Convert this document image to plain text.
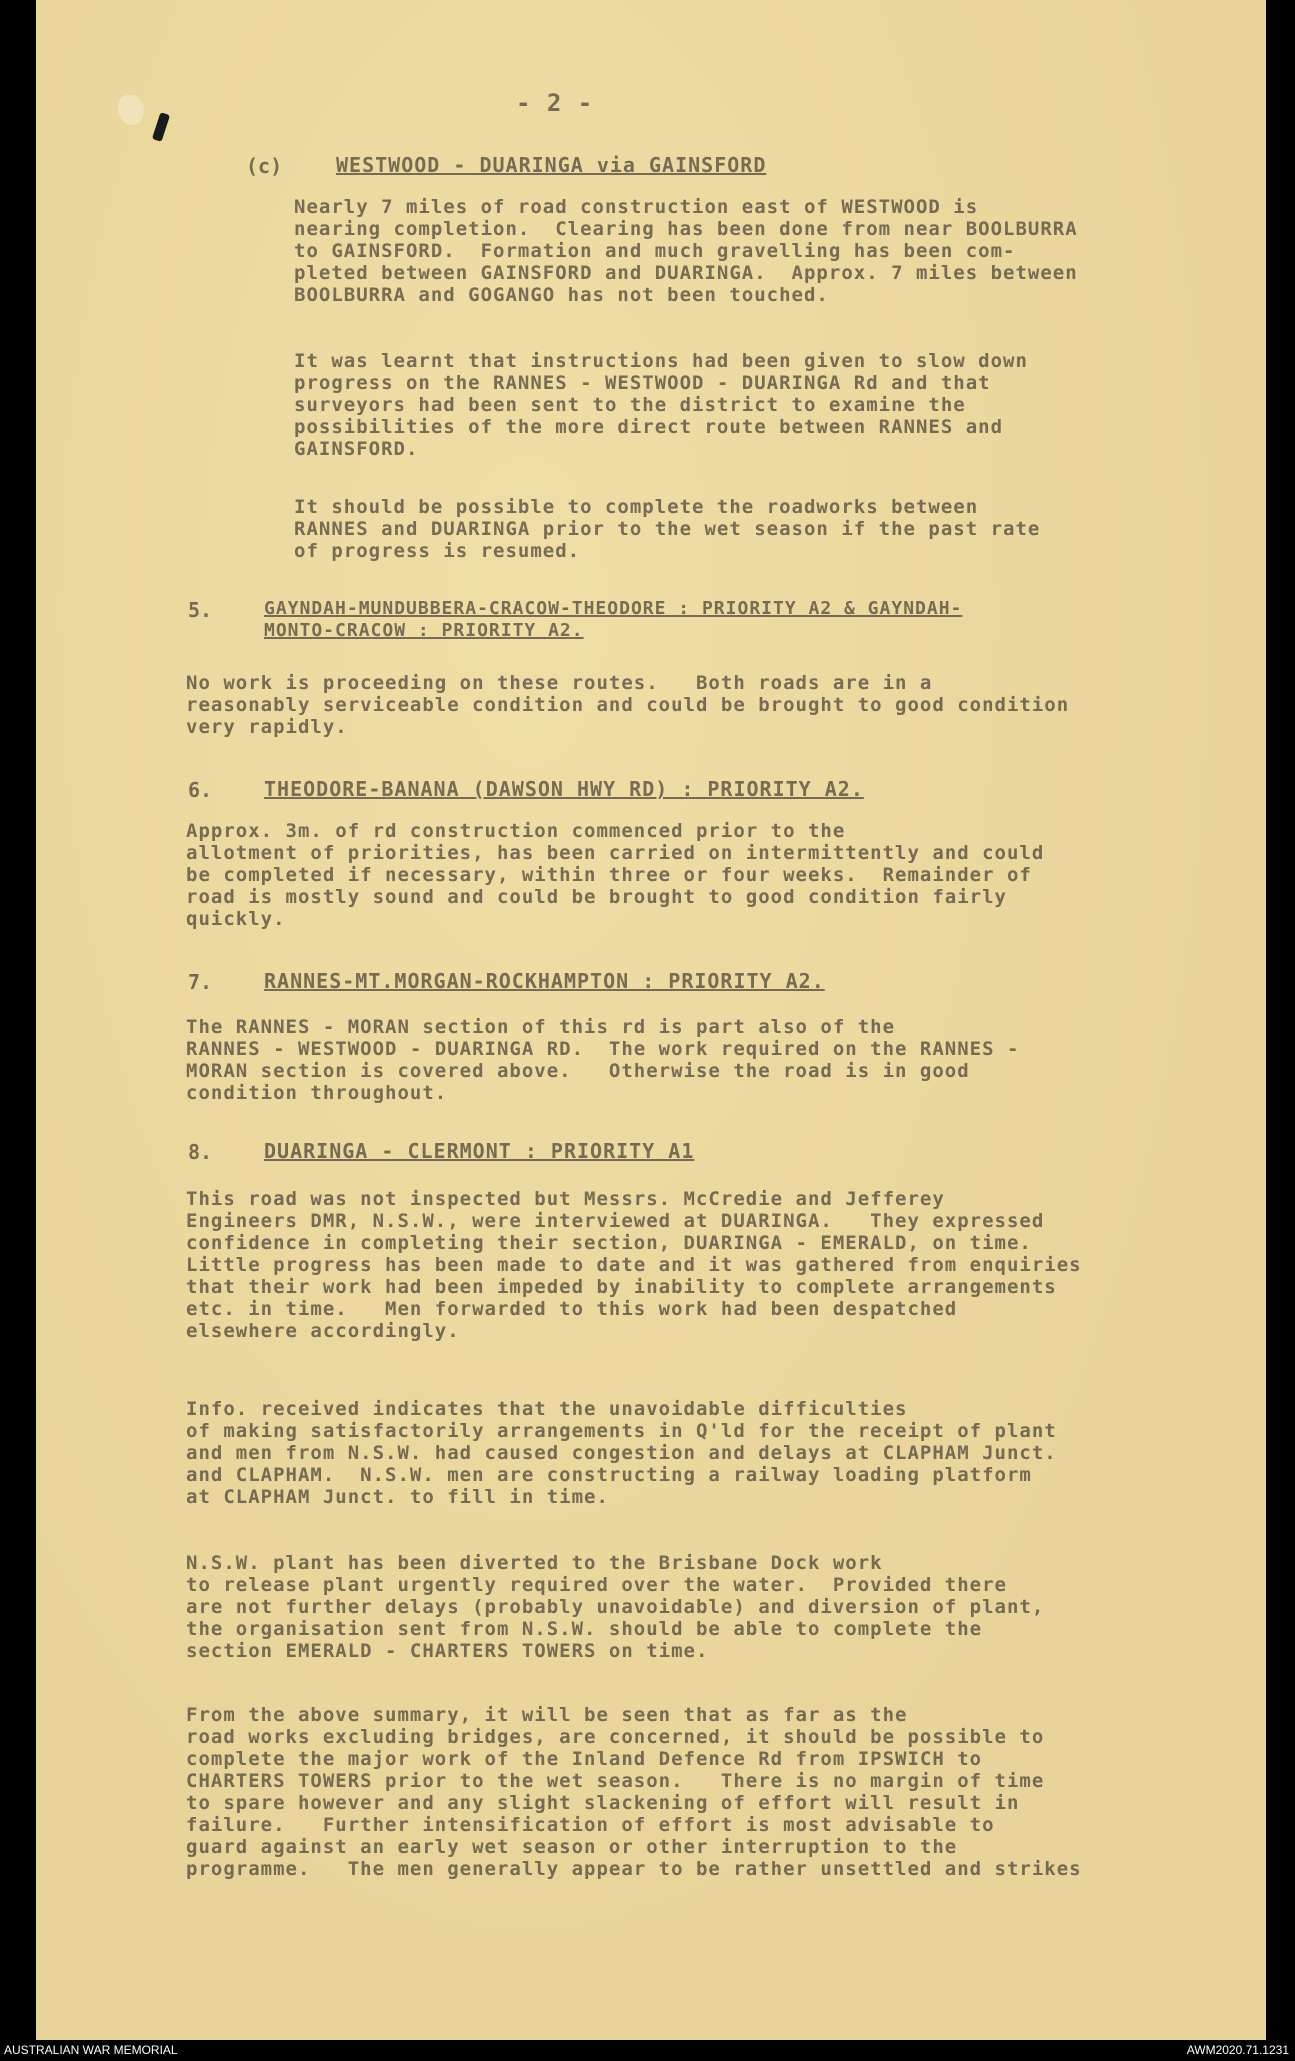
- 2 -
(c)	WESTWOOD - DUARINGA via GAINSFORD
Nearly 7 miles of road construction east of WESTWOOD is
nearing completion.  Clearing has been done from near BOOLBURRA
to GAINSFORD.  Formation and much gravelling has been com-
pleted between GAINSFORD and DUARINGA.  Approx. 7 miles between
BOOLBURRA and GOGANGO has not been touched.
It was learnt that instructions had been given to slow down
progress on the RANNES - WESTWOOD - DUARINGA Rd and that
surveyors had been sent to the district to examine the
possibilities of the more direct route between RANNES and
GAINSFORD.
It should be possible to complete the roadworks between
RANNES and DUARINGA prior to the wet season if the past rate
of progress is resumed.
5.	GAYNDAH-MUNDUBBERA-CRACOW-THEODORE : PRIORITY A2 & GAYNDAH-
MONTO-CRACOW : PRIORITY A2.
No work is proceeding on these routes.   Both roads are in a
reasonably serviceable condition and could be brought to good condition
very rapidly.
6.	THEODORE-BANANA (DAWSON HWY RD) : PRIORITY A2.
Approx. 3m. of rd construction commenced prior to the
allotment of priorities, has been carried on intermittently and could
be completed if necessary, within three or four weeks.  Remainder of
road is mostly sound and could be brought to good condition fairly
quickly.
7.	RANNES-MT.MORGAN-ROCKHAMPTON : PRIORITY A2.
The RANNES - MORAN section of this rd is part also of the
RANNES - WESTWOOD - DUARINGA RD.  The work required on the RANNES -
MORAN section is covered above.   Otherwise the road is in good
condition throughout.
8.	DUARINGA - CLERMONT : PRIORITY A1
This road was not inspected but Messrs. McCredie and Jefferey
Engineers DMR, N.S.W., were interviewed at DUARINGA.   They expressed
confidence in completing their section, DUARINGA - EMERALD, on time.
Little progress has been made to date and it was gathered from enquiries
that their work had been impeded by inability to complete arrangements
etc. in time.   Men forwarded to this work had been despatched
elsewhere accordingly.
Info. received indicates that the unavoidable difficulties
of making satisfactorily arrangements in Q'ld for the receipt of plant
and men from N.S.W. had caused congestion and delays at CLAPHAM Junct.
and CLAPHAM.  N.S.W. men are constructing a railway loading platform
at CLAPHAM Junct. to fill in time.
N.S.W. plant has been diverted to the Brisbane Dock work
to release plant urgently required over the water.  Provided there
are not further delays (probably unavoidable) and diversion of plant,
the organisation sent from N.S.W. should be able to complete the
section EMERALD - CHARTERS TOWERS on time.
From the above summary, it will be seen that as far as the
road works excluding bridges, are concerned, it should be possible to
complete the major work of the Inland Defence Rd from IPSWICH to
CHARTERS TOWERS prior to the wet season.   There is no margin of time
to spare however and any slight slackening of effort will result in
failure.   Further intensification of effort is most advisable to
guard against an early wet season or other interruption to the
programme.   The men generally appear to be rather unsettled and strikes
AUSTRALIAN WAR MEMORIAL	AWM2020.71.1231
